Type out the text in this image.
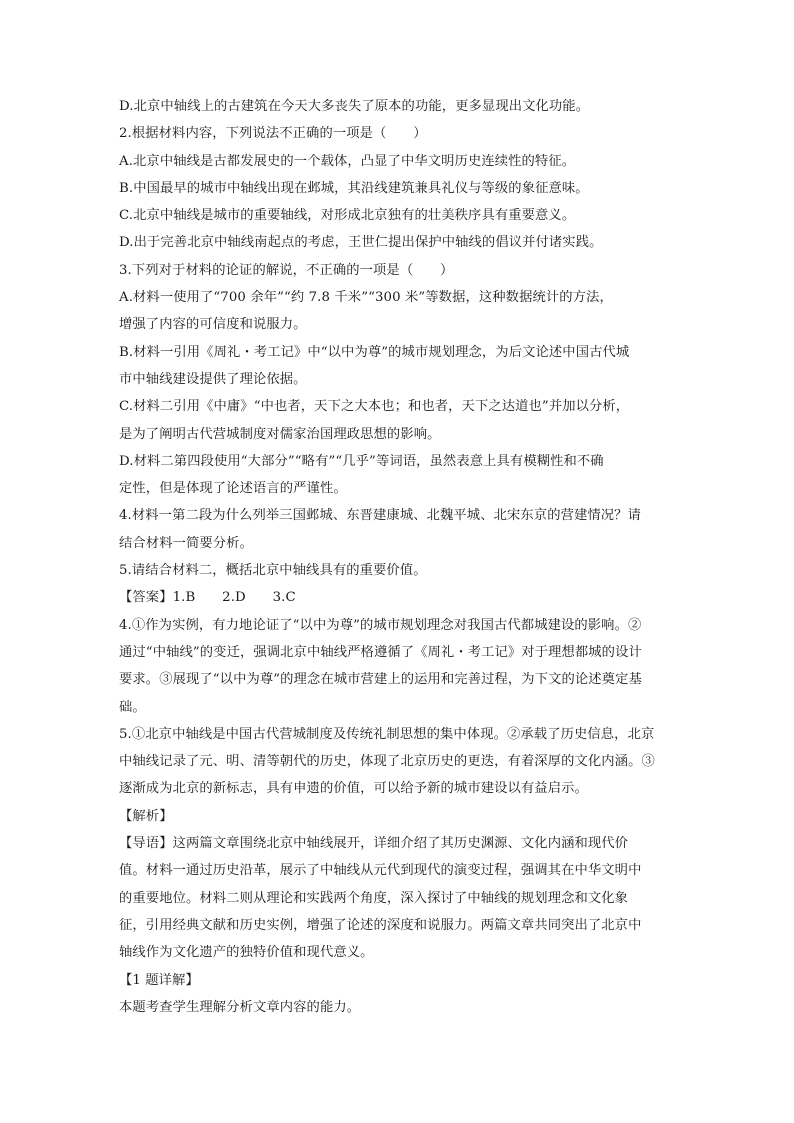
D.北京中轴线上的古建筑在今天大多丧失了原本的功能，更多显现出文化功能。
2.根据材料内容，下列说法不正确的一项是（　　）
A.北京中轴线是古都发展史的一个载体，凸显了中华文明历史连续性的特征。
B.中国最早的城市中轴线出现在邺城，其沿线建筑兼具礼仪与等级的象征意味。
C.北京中轴线是城市的重要轴线，对形成北京独有的壮美秩序具有重要意义。
D.出于完善北京中轴线南起点的考虑，王世仁提出保护中轴线的倡议并付诸实践。
3.下列对于材料的论证的解说，不正确的一项是（　　）
A.材料一使用了“700 余年”“约 7.8 千米”“300 米”等数据，这种数据统计的方法，
增强了内容的可信度和说服力。
B.材料一引用《周礼・考工记》中“以中为尊”的城市规划理念，为后文论述中国古代城
市中轴线建设提供了理论依据。
C.材料二引用《中庸》“中也者，天下之大本也；和也者，天下之达道也”并加以分析，
是为了阐明古代营城制度对儒家治国理政思想的影响。
D.材料二第四段使用“大部分”“略有”“几乎”等词语，虽然表意上具有模糊性和不确
定性，但是体现了论述语言的严谨性。
4.材料一第二段为什么列举三国邺城、东晋建康城、北魏平城、北宋东京的营建情况？请
结合材料一简要分析。
5.请结合材料二，概括北京中轴线具有的重要价值。
【答案】1.B　　2.D　　3.C
4.①作为实例，有力地论证了“以中为尊”的城市规划理念对我国古代都城建设的影响。②
通过“中轴线”的变迁，强调北京中轴线严格遵循了《周礼・考工记》对于理想都城的设计
要求。③展现了“以中为尊”的理念在城市营建上的运用和完善过程，为下文的论述奠定基
础。
5.①北京中轴线是中国古代营城制度及传统礼制思想的集中体现。②承载了历史信息，北京
中轴线记录了元、明、清等朝代的历史，体现了北京历史的更迭，有着深厚的文化内涵。③
逐渐成为北京的新标志，具有申遗的价值，可以给予新的城市建设以有益启示。
【解析】
【导语】这两篇文章围绕北京中轴线展开，详细介绍了其历史渊源、文化内涵和现代价
值。材料一通过历史沿革，展示了中轴线从元代到现代的演变过程，强调其在中华文明中
的重要地位。材料二则从理论和实践两个角度，深入探讨了中轴线的规划理念和文化象
征，引用经典文献和历史实例，增强了论述的深度和说服力。两篇文章共同突出了北京中
轴线作为文化遗产的独特价值和现代意义。
【1 题详解】
本题考查学生理解分析文章内容的能力。
